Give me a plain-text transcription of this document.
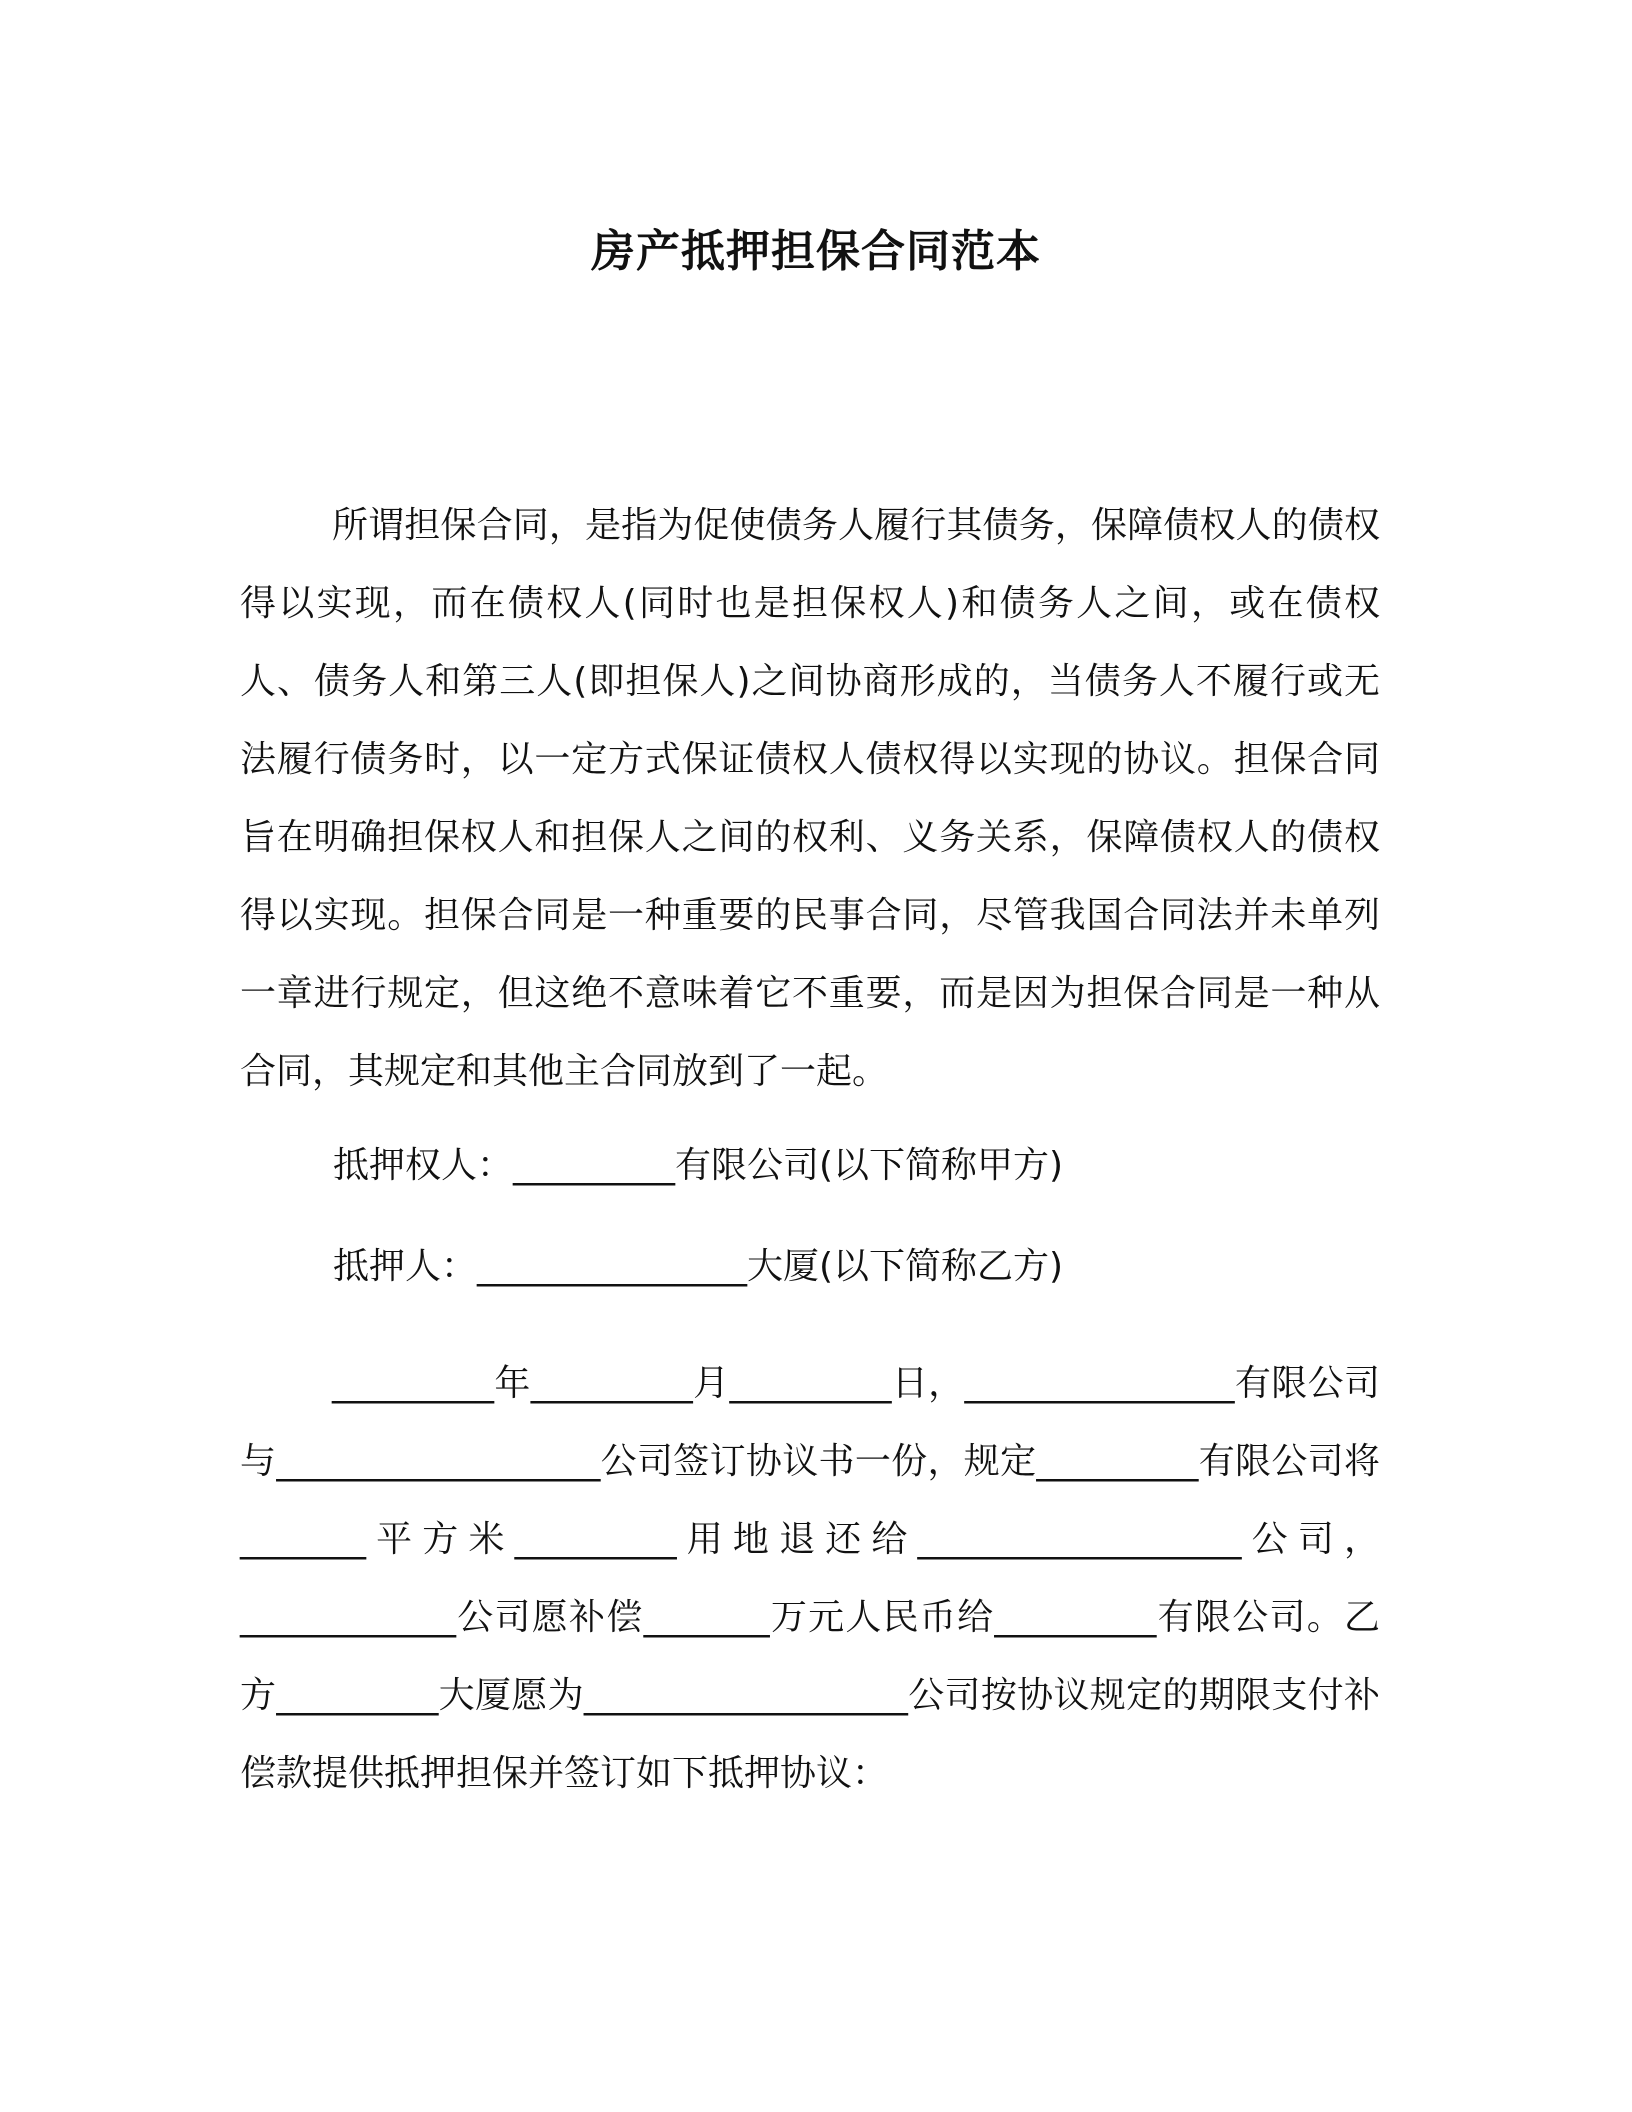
房产抵押担保合同范本

所谓担保合同，是指为促使债务人履行其债务，保障债权人的债权得以实现，而在债权人(同时也是担保权人)和债务人之间，或在债权人、债务人和第三人(即担保人)之间协商形成的，当债务人不履行或无法履行债务时，以一定方式保证债权人债权得以实现的协议。担保合同旨在明确担保权人和担保人之间的权利、义务关系，保障债权人的债权得以实现。担保合同是一种重要的民事合同，尽管我国合同法并未单列一章进行规定，但这绝不意味着它不重要，而是因为担保合同是一种从合同，其规定和其他主合同放到了一起。

抵押权人：_________有限公司(以下简称甲方)

抵押人：_______________大厦(以下简称乙方)

_________年_________月_________日，_______________有限公司与__________________公司签订协议书一份，规定_________有限公司将_______平方米_________用地退还给__________________公司，____________公司愿补偿_______万元人民币给_________有限公司。乙方_________大厦愿为__________________公司按协议规定的期限支付补偿款提供抵押担保并签订如下抵押协议：
